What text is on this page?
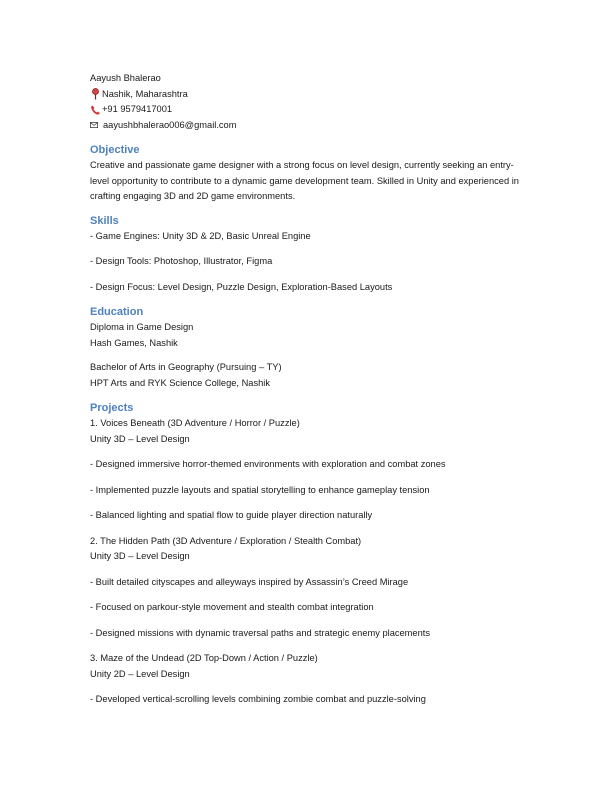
Aayush Bhalerao
Nashik, Maharashtra
+91 9579417001
aayushbhalerao006@gmail.com
Objective
Creative and passionate game designer with a strong focus on level design, currently seeking an entry-level opportunity to contribute to a dynamic game development team. Skilled in Unity and experienced in crafting engaging 3D and 2D game environments.
Skills
- Game Engines: Unity 3D & 2D, Basic Unreal Engine
- Design Tools: Photoshop, Illustrator, Figma
- Design Focus: Level Design, Puzzle Design, Exploration-Based Layouts
Education
Diploma in Game Design
Hash Games, Nashik
Bachelor of Arts in Geography (Pursuing – TY)
HPT Arts and RYK Science College, Nashik
Projects
1. Voices Beneath (3D Adventure / Horror / Puzzle)
Unity 3D – Level Design
- Designed immersive horror-themed environments with exploration and combat zones
- Implemented puzzle layouts and spatial storytelling to enhance gameplay tension
- Balanced lighting and spatial flow to guide player direction naturally
2. The Hidden Path (3D Adventure / Exploration / Stealth Combat)
Unity 3D – Level Design
- Built detailed cityscapes and alleyways inspired by Assassin’s Creed Mirage
- Focused on parkour-style movement and stealth combat integration
- Designed missions with dynamic traversal paths and strategic enemy placements
3. Maze of the Undead (2D Top-Down / Action / Puzzle)
Unity 2D – Level Design
- Developed vertical-scrolling levels combining zombie combat and puzzle-solving
